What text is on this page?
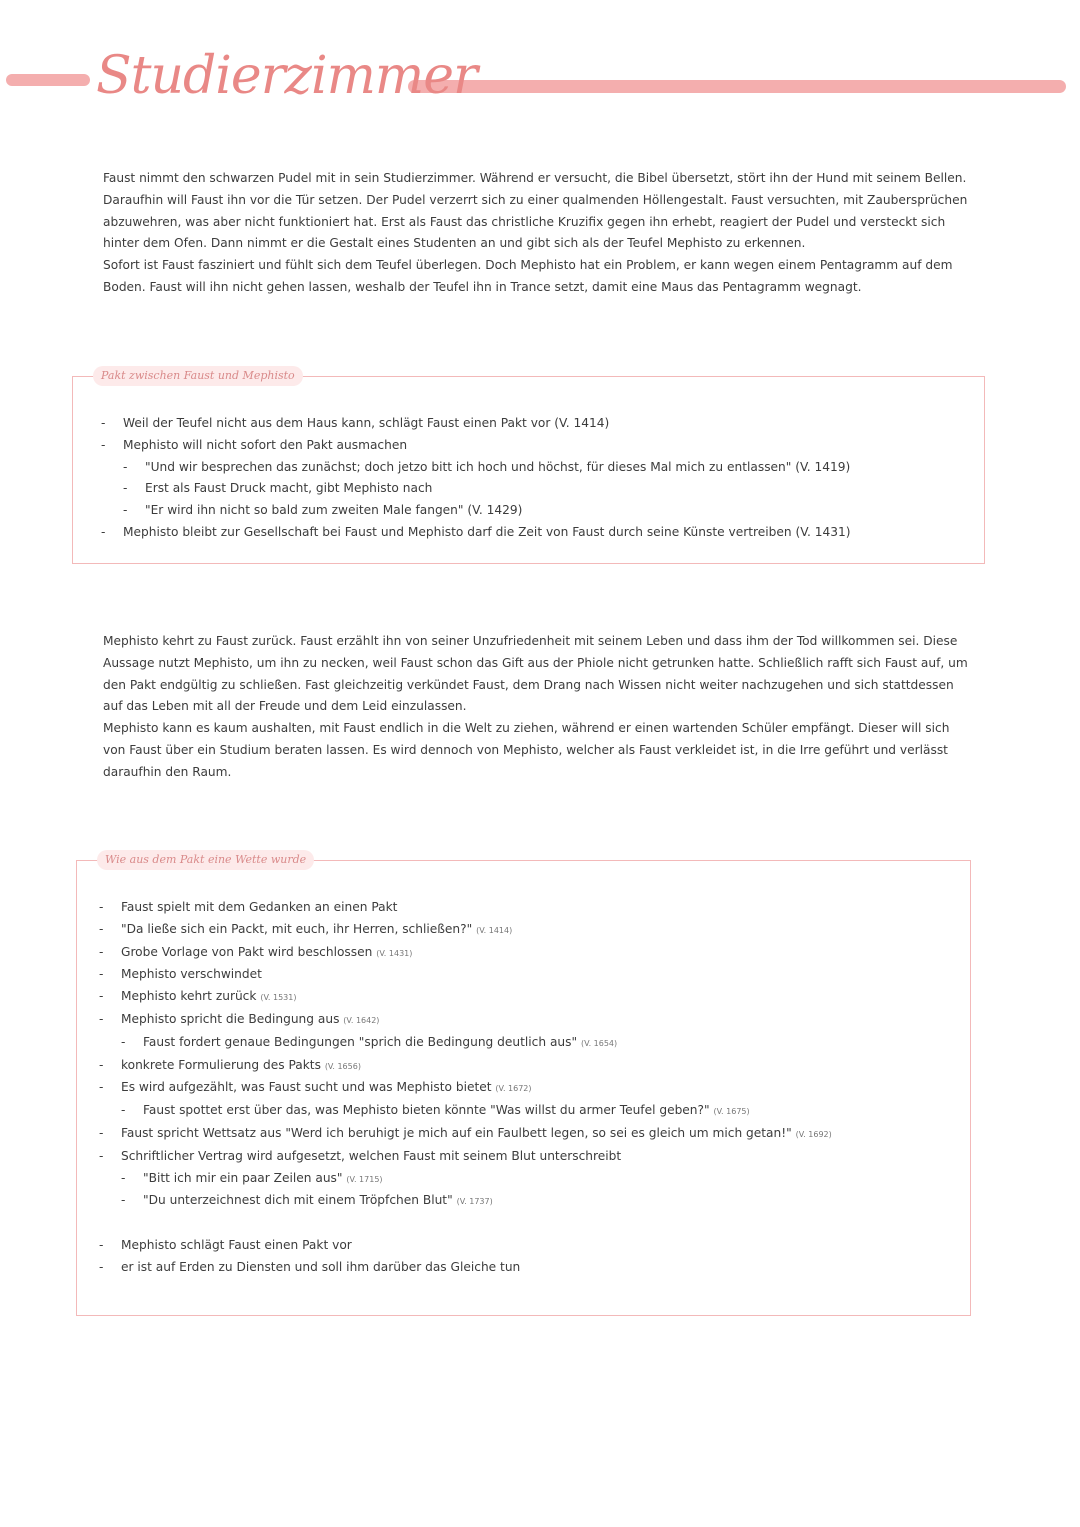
Studierzimmer

Faust nimmt den schwarzen Pudel mit in sein Studierzimmer. Während er versucht, die Bibel übersetzt, stört ihn der Hund mit seinem Bellen. Daraufhin will Faust ihn vor die Tür setzen. Der Pudel verzerrt sich zu einer qualmenden Höllengestalt. Faust versuchten, mit Zaubersprüchen abzuwehren, was aber nicht funktioniert hat. Erst als Faust das christliche Kruzifix gegen ihn erhebt, reagiert der Pudel und versteckt sich hinter dem Ofen. Dann nimmt er die Gestalt eines Studenten an und gibt sich als der Teufel Mephisto zu erkennen.

Sofort ist Faust fasziniert und fühlt sich dem Teufel überlegen. Doch Mephisto hat ein Problem, er kann wegen einem Pentagramm auf dem Boden. Faust will ihn nicht gehen lassen, weshalb der Teufel ihn in Trance setzt, damit eine Maus das Pentagramm wegnagt.

Pakt zwischen Faust und Mephisto
- Weil der Teufel nicht aus dem Haus kann, schlägt Faust einen Pakt vor (V. 1414)
- Mephisto will nicht sofort den Pakt ausmachen
- "Und wir besprechen das zunächst; doch jetzo bitt ich hoch und höchst, für dieses Mal mich zu entlassen" (V. 1419)
- Erst als Faust Druck macht, gibt Mephisto nach
- "Er wird ihn nicht so bald zum zweiten Male fangen" (V. 1429)
- Mephisto bleibt zur Gesellschaft bei Faust und Mephisto darf die Zeit von Faust durch seine Künste vertreiben (V. 1431)

Mephisto kehrt zu Faust zurück. Faust erzählt ihn von seiner Unzufriedenheit mit seinem Leben und dass ihm der Tod willkommen sei. Diese Aussage nutzt Mephisto, um ihn zu necken, weil Faust schon das Gift aus der Phiole nicht getrunken hatte. Schließlich rafft sich Faust auf, um den Pakt endgültig zu schließen. Fast gleichzeitig verkündet Faust, dem Drang nach Wissen nicht weiter nachzugehen und sich stattdessen auf das Leben mit all der Freude und dem Leid einzulassen.

Mephisto kann es kaum aushalten, mit Faust endlich in die Welt zu ziehen, während er einen wartenden Schüler empfängt. Dieser will sich von Faust über ein Studium beraten lassen. Es wird dennoch von Mephisto, welcher als Faust verkleidet ist, in die Irre geführt und verlässt daraufhin den Raum.

Wie aus dem Pakt eine Wette wurde
- Faust spielt mit dem Gedanken an einen Pakt
- "Da ließe sich ein Packt, mit euch, ihr Herren, schließen?" (V. 1414)
- Grobe Vorlage von Pakt wird beschlossen (V. 1431)
- Mephisto verschwindet
- Mephisto kehrt zurück (V. 1531)
- Mephisto spricht die Bedingung aus (V. 1642)
- Faust fordert genaue Bedingungen "sprich die Bedingung deutlich aus" (V. 1654)
- konkrete Formulierung des Pakts (V. 1656)
- Es wird aufgezählt, was Faust sucht und was Mephisto bietet (V. 1672)
- Faust spottet erst über das, was Mephisto bieten könnte "Was willst du armer Teufel geben?" (V. 1675)
- Faust spricht Wettsatz aus "Werd ich beruhigt je mich auf ein Faulbett legen, so sei es gleich um mich getan!" (V. 1692)
- Schriftlicher Vertrag wird aufgesetzt, welchen Faust mit seinem Blut unterschreibt
- "Bitt ich mir ein paar Zeilen aus" (V. 1715)
- "Du unterzeichnest dich mit einem Tröpfchen Blut" (V. 1737)
- Mephisto schlägt Faust einen Pakt vor
- er ist auf Erden zu Diensten und soll ihm darüber das Gleiche tun
